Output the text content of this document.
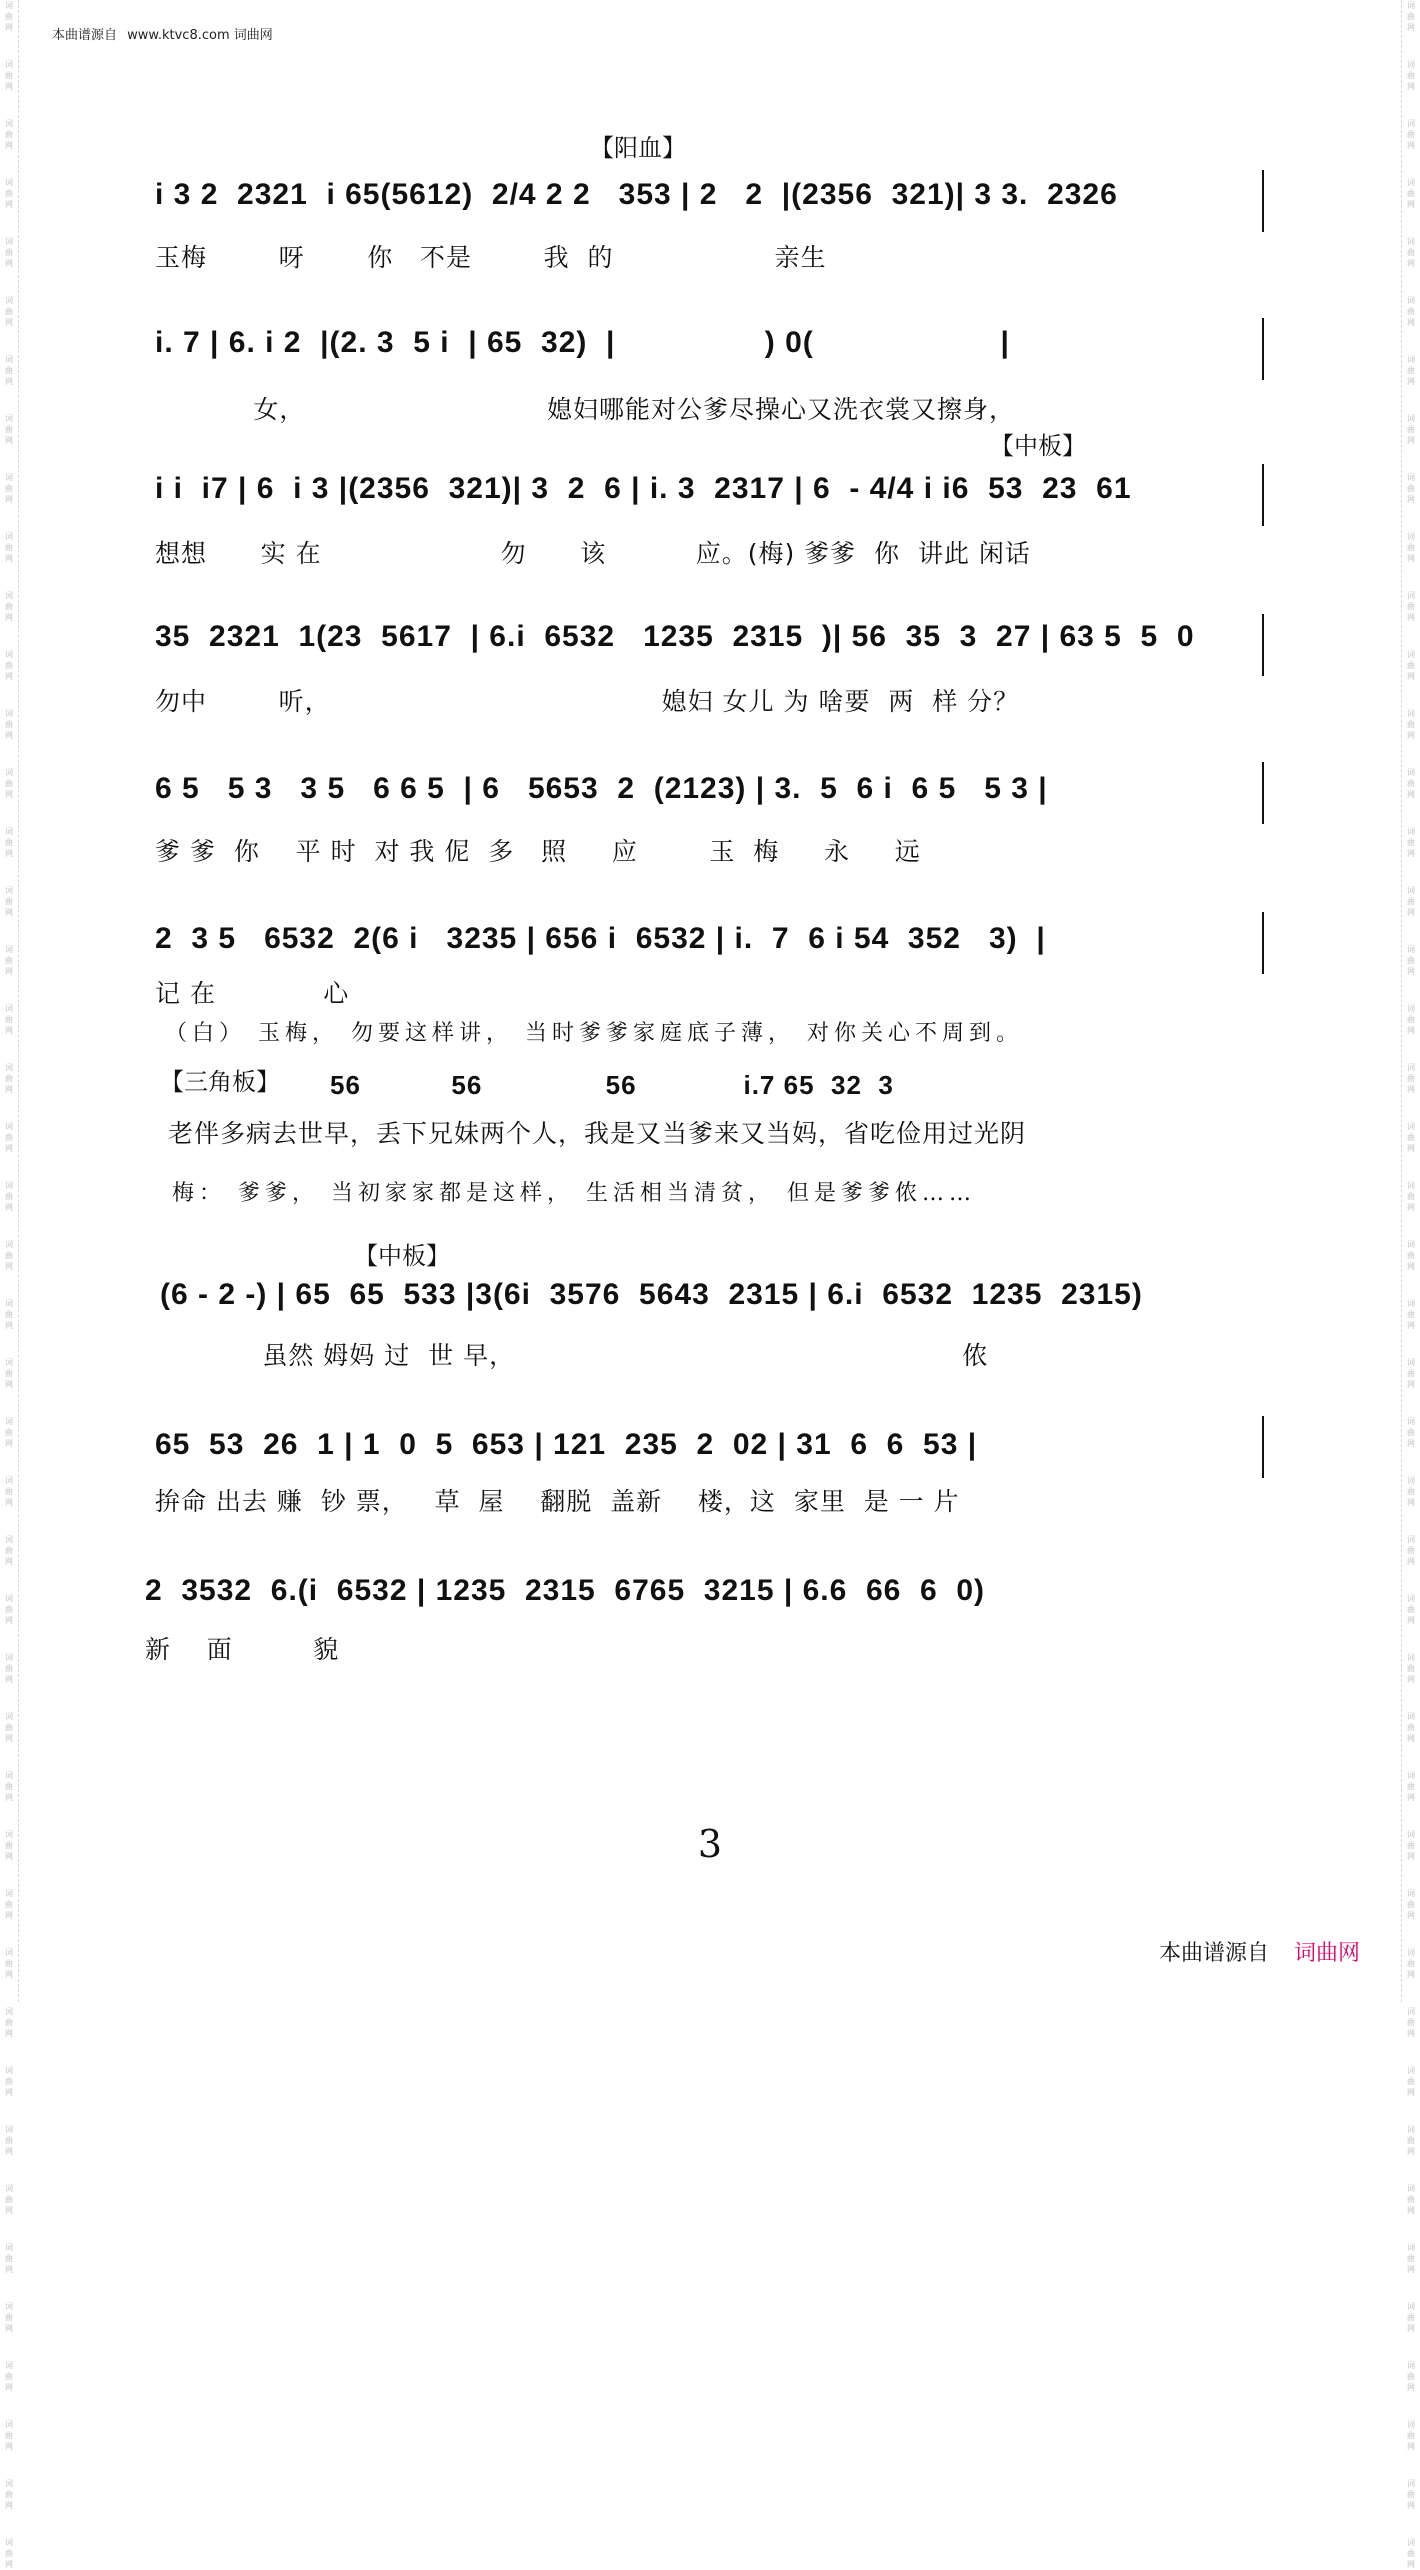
词曲网
词曲网
词曲网
词曲网
词曲网
词曲网
词曲网
词曲网
词曲网
词曲网
词曲网
词曲网
词曲网
词曲网
词曲网
词曲网
词曲网
词曲网
词曲网
词曲网
词曲网
词曲网
词曲网
词曲网
词曲网
词曲网
词曲网
词曲网
词曲网
词曲网
词曲网
词曲网
词曲网
词曲网
词曲网
词曲网
词曲网
词曲网
词曲网
词曲网
词曲网
词曲网
词曲网
词曲网
词曲网
词曲网
词曲网
词曲网
词曲网
词曲网
词曲网
词曲网
词曲网
词曲网
词曲网
词曲网
词曲网
词曲网
词曲网
词曲网
词曲网
词曲网
词曲网
词曲网
词曲网
词曲网
词曲网
词曲网
词曲网
词曲网
词曲网
词曲网
词曲网
词曲网
词曲网
词曲网
词曲网
词曲网
词曲网
词曲网
词曲网
词曲网
词曲网
词曲网
词曲网
词曲网
词曲网
词曲网
本曲谱源自 www.ktvc8.com 词曲网
【阳血】
【中板】
【三角板】
【中板】
i 3 2  2321  i 65(5612)  2/4 2 2   353 | 2   2  |(2356  321)| 3 3.  2326
玉梅        呀       你   不是        我  的                  亲生
i. 7 | 6. i 2  |(2. 3  5 i  | 65  32)  |                ) 0(                    |
女，                           媳妇哪能对公爹尽操心又洗衣裳又擦身，
i i  i7 | 6  i 3 |(2356  321)| 3  2  6 | i. 3  2317 | 6  - 4/4 i i6  53  23  61
想想      实 在                    勿      该          应。(梅) 爹爹  你  讲此 闲话
35  2321  1(23  5617  | 6.i  6532   1235  2315  )| 56  35  3  27 | 63 5  5  0
勿中        听，                                     媳妇 女儿 为 啥要  两  样 分？
6 5   5 3   3 5   6 6 5  | 6   5653  2  (2123) | 3.  5  6 i  6 5   5 3 |
爹 爹  你    平 时  对 我 伲  多   照     应        玉  梅     永     远
2  3 5   6532  2(6 i   3235 | 656 i  6532 | i.  7  6 i 54  352   3)  |
记 在            心
（白） 玉梅， 勿要这样讲， 当时爹爹家庭底子薄， 对你关心不周到。
56           56               56             i.7 65  32  3
老伴多病去世早，丢下兄妹两个人，我是又当爹来又当妈，省吃俭用过光阴
梅： 爹爹， 当初家家都是这样， 生活相当清贫， 但是爹爹侬……
(6 - 2 -) | 65  65  533 |3(6i  3576  5643  2315 | 6.i  6532  1235  2315)
虽然 姆妈 过  世 早，                                                  侬
65  53  26  1 | 1  0  5  653 | 121  235  2  02 | 31  6  6  53 |
拚命 出去 赚  钞 票，   草  屋    翻脱  盖新    楼，这  家里  是 一 片
2  3532  6.(i  6532 | 1235  2315  6765  3215 | 6.6  66  6  0)
新    面         貌
3
本曲谱源自 词曲网
